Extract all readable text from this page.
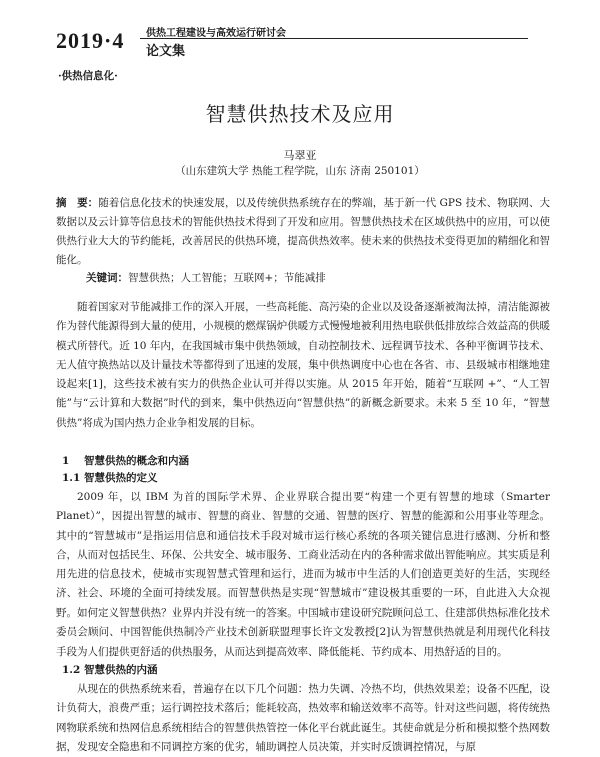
2019·4 供热工程建设与高效运行研讨会
论文集
·供热信息化·
智慧供热技术及应用
马翠亚
（山东建筑大学 热能工程学院，山东 济南 250101）

摘　要：随着信息化技术的快速发展，以及传统供热系统存在的弊端，基于新一代 GPS 技术、物联网、大数据以及云计算等信息技术的智能供热技术得到了开发和应用。智慧供热技术在区域供热中的应用，可以使供热行业大大的节约能耗，改善居民的供热环境，提高供热效率。使未来的供热技术变得更加的精细化和智能化。

关键词：智慧供热；人工智能；互联网+；节能减排

随着国家对节能减排工作的深入开展，一些高耗能、高污染的企业以及设备逐渐被淘汰掉，清洁能源被作为替代能源得到大量的使用，小规模的燃煤锅炉供暖方式慢慢地被利用热电联供低排放综合效益高的供暖模式所替代。近 10 年内，在我国城市集中供热领域，自动控制技术、远程调节技术、各种平衡调节技术、无人值守换热站以及计量技术等都得到了迅速的发展，集中供热调度中心也在各省、市、县级城市相继地建设起来[1]，这些技术被有实力的供热企业认可并得以实施。从 2015 年开始，随着“互联网 +”、“人工智能”与“云计算和大数据”时代的到来，集中供热迈向“智慧供热”的新概念新要求。未来 5 至 10 年，“智慧供热”将成为国内热力企业争相发展的目标。

1 智慧供热的概念和内涵
1.1 智慧供热的定义

2009 年，以 IBM 为首的国际学术界、企业界联合提出要“构建一个更有智慧的地球（Smarter Planet）”，因提出智慧的城市、智慧的商业、智慧的交通、智慧的医疗、智慧的能源和公用事业等理念。其中的“智慧城市”是指运用信息和通信技术手段对城市运行核心系统的各项关键信息进行感测、分析和整合，从而对包括民生、环保、公共安全、城市服务、工商业活动在内的各种需求做出智能响应。其实质是利用先进的信息技术，使城市实现智慧式管理和运行，进而为城市中生活的人们创造更美好的生活，实现经济、社会、环境的全面可持续发展。而智慧供热是实现“智慧城市”建设极其重要的一环，自此进入大众视野。 如何定义智慧供热？业界内并没有统一的答案。中国城市建设研究院顾问总工、住建部供热标准化技术委员会顾问、中国智能供热制冷产业技术创新联盟理事长许文发教授[2]认为智慧供热就是利用现代化科技手段为人们提供更舒适的供热服务，从而达到提高效率、降低能耗、节约成本、用热舒适的目的。

1.2 智慧供热的内涵

从现在的供热系统来看，普遍存在以下几个问题：热力失调、冷热不均，供热效果差；设备不匹配，设计负荷大，浪费严重；运行调控技术落后；能耗较高，热效率和输送效率不高等。针对这些问题，将传统热网物联系统和热网信息系统相结合的智慧供热管控一体化平台就此诞生。其使命就是分析和模拟整个热网数据，发现安全隐患和不同调控方案的优劣，辅助调控人员决策，并实时反馈调控情况，与原
